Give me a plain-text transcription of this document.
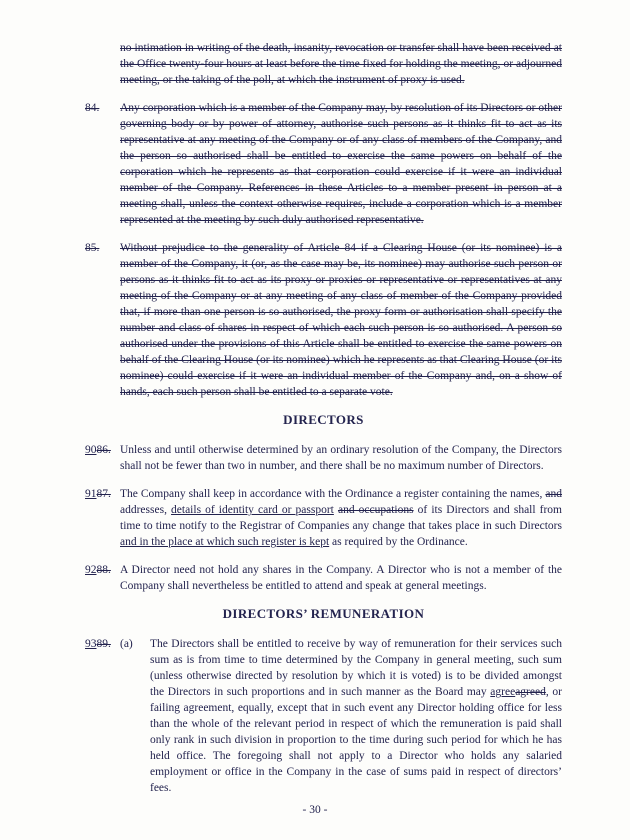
no intimation in writing of the death, insanity, revocation or transfer shall have been received at the Office twenty-four hours at least before the time fixed for holding the meeting, or adjourned meeting, or the taking of the poll, at which the instrument of proxy is used.
84.	Any corporation which is a member of the Company may, by resolution of its Directors or other governing body or by power of attorney, authorise such persons as it thinks fit to act as its representative at any meeting of the Company or of any class of members of the Company, and the person so authorised shall be entitled to exercise the same powers on behalf of the corporation which he represents as that corporation could exercise if it were an individual member of the Company. References in these Articles to a member present in person at a meeting shall, unless the context otherwise requires, include a corporation which is a member represented at the meeting by such duly authorised representative.
85.	Without prejudice to the generality of Article 84 if a Clearing House (or its nominee) is a member of the Company, it (or, as the case may be, its nominee) may authorise such person or persons as it thinks fit to act as its proxy or proxies or representative or representatives at any meeting of the Company or at any meeting of any class of member of the Company provided that, if more than one person is so authorised, the proxy form or authorisation shall specify the number and class of shares in respect of which each such person is so authorised. A person so authorised under the provisions of this Article shall be entitled to exercise the same powers on behalf of the Clearing House (or its nominee) which he represents as that Clearing House (or its nominee) could exercise if it were an individual member of the Company and, on a show of hands, each such person shall be entitled to a separate vote.
DIRECTORS
9086. Unless and until otherwise determined by an ordinary resolution of the Company, the Directors shall not be fewer than two in number, and there shall be no maximum number of Directors.
9187. The Company shall keep in accordance with the Ordinance a register containing the names, and addresses, details of identity card or passport and occupations of its Directors and shall from time to time notify to the Registrar of Companies any change that takes place in such Directors and in the place at which such register is kept as required by the Ordinance.
9288. A Director need not hold any shares in the Company. A Director who is not a member of the Company shall nevertheless be entitled to attend and speak at general meetings.
DIRECTORS’ REMUNERATION
9389. (a)	The Directors shall be entitled to receive by way of remuneration for their services such sum as is from time to time determined by the Company in general meeting, such sum (unless otherwise directed by resolution by which it is voted) is to be divided amongst the Directors in such proportions and in such manner as the Board may agreeagreed, or failing agreement, equally, except that in such event any Director holding office for less than the whole of the relevant period in respect of which the remuneration is paid shall only rank in such division in proportion to the time during such period for which he has held office. The foregoing shall not apply to a Director who holds any salaried employment or office in the Company in the case of sums paid in respect of directors’ fees.
- 30 -
